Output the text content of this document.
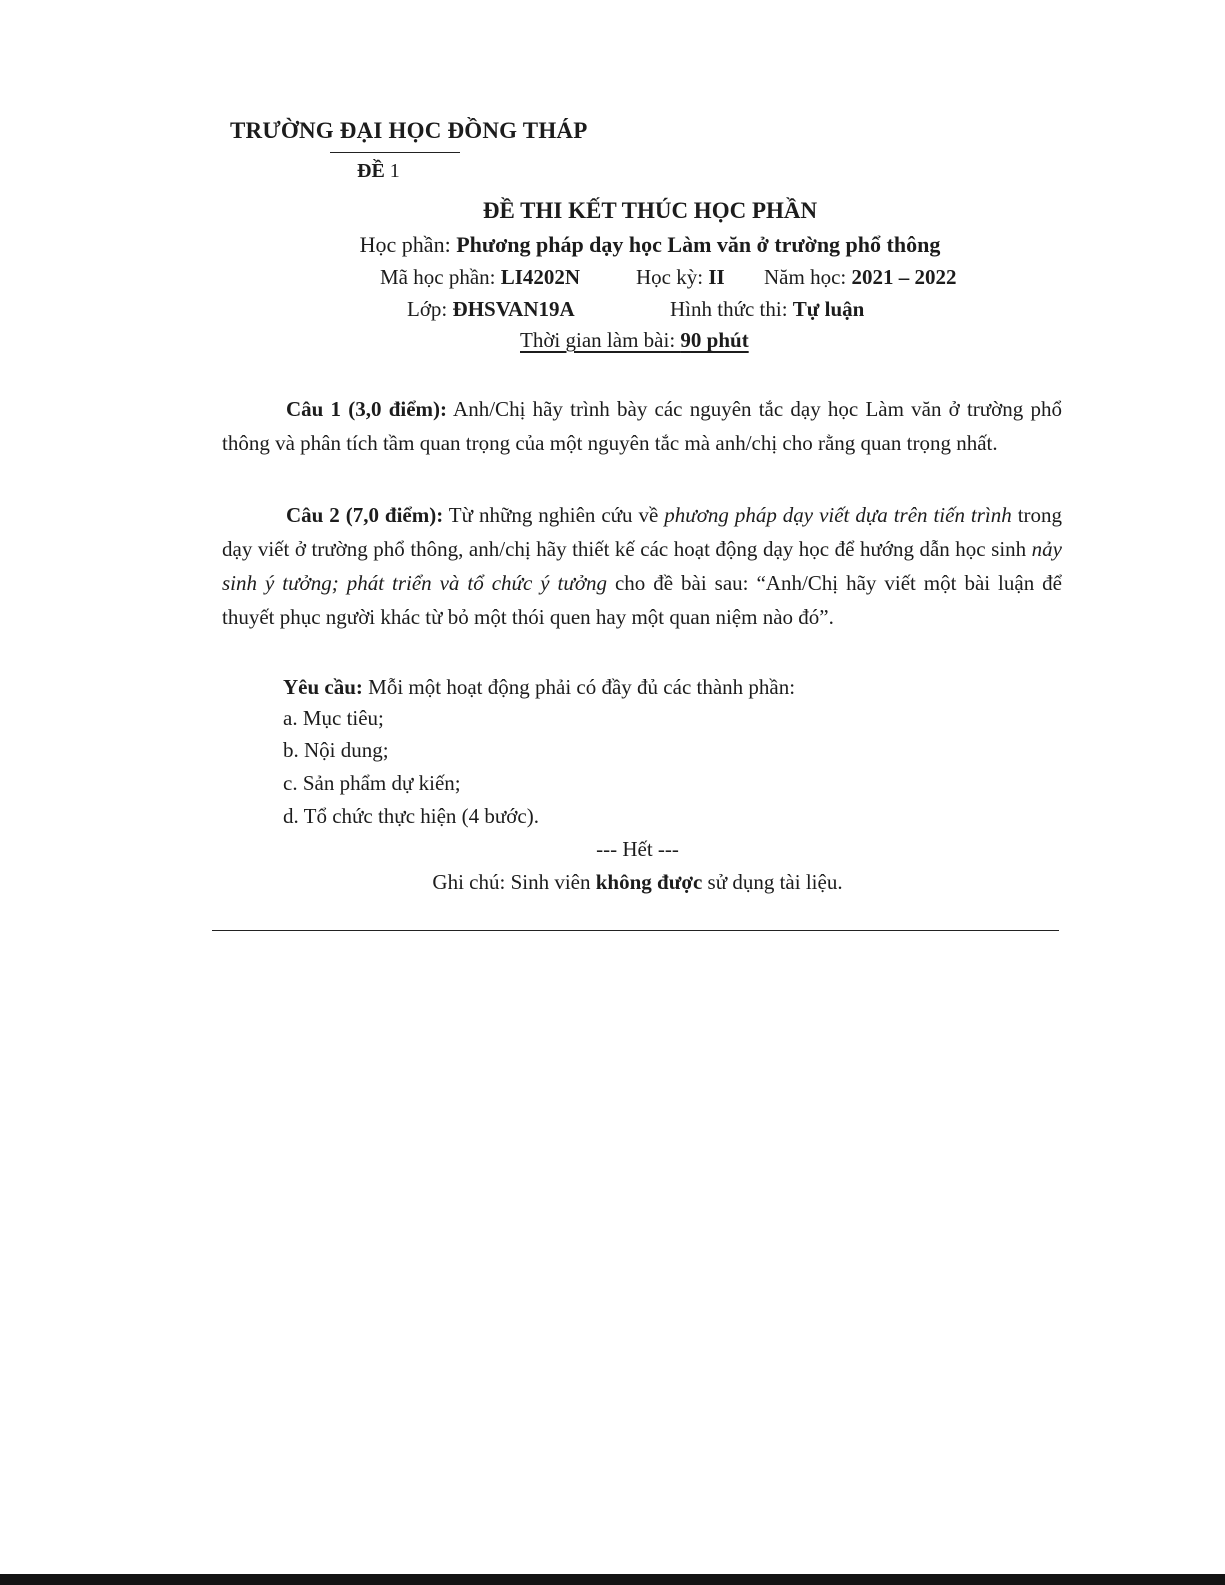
TRƯỜNG ĐẠI HỌC ĐỒNG THÁP
ĐỀ 1
ĐỀ THI KẾT THÚC HỌC PHẦN
Học phần: Phương pháp dạy học Làm văn ở trường phổ thông
Mã học phần: LI4202N	Học kỳ: II Năm học: 2021 – 2022
Lớp: ĐHSVAN19A	Hình thức thi: Tự luận
Thời gian làm bài: 90 phút
Câu 1 (3,0 điểm): Anh/Chị hãy trình bày các nguyên tắc dạy học Làm văn ở trường phổ thông và phân tích tầm quan trọng của một nguyên tắc mà anh/chị cho rằng quan trọng nhất.
Câu 2 (7,0 điểm): Từ những nghiên cứu về phương pháp dạy viết dựa trên tiến trình trong dạy viết ở trường phổ thông, anh/chị hãy thiết kế các hoạt động dạy học để hướng dẫn học sinh nảy sinh ý tưởng; phát triển và tổ chức ý tưởng cho đề bài sau: “Anh/Chị hãy viết một bài luận để thuyết phục người khác từ bỏ một thói quen hay một quan niệm nào đó”.
Yêu cầu: Mỗi một hoạt động phải có đầy đủ các thành phần:
a. Mục tiêu;
b. Nội dung;
c. Sản phẩm dự kiến;
d. Tổ chức thực hiện (4 bước).
--- Hết ---
Ghi chú: Sinh viên không được sử dụng tài liệu.
